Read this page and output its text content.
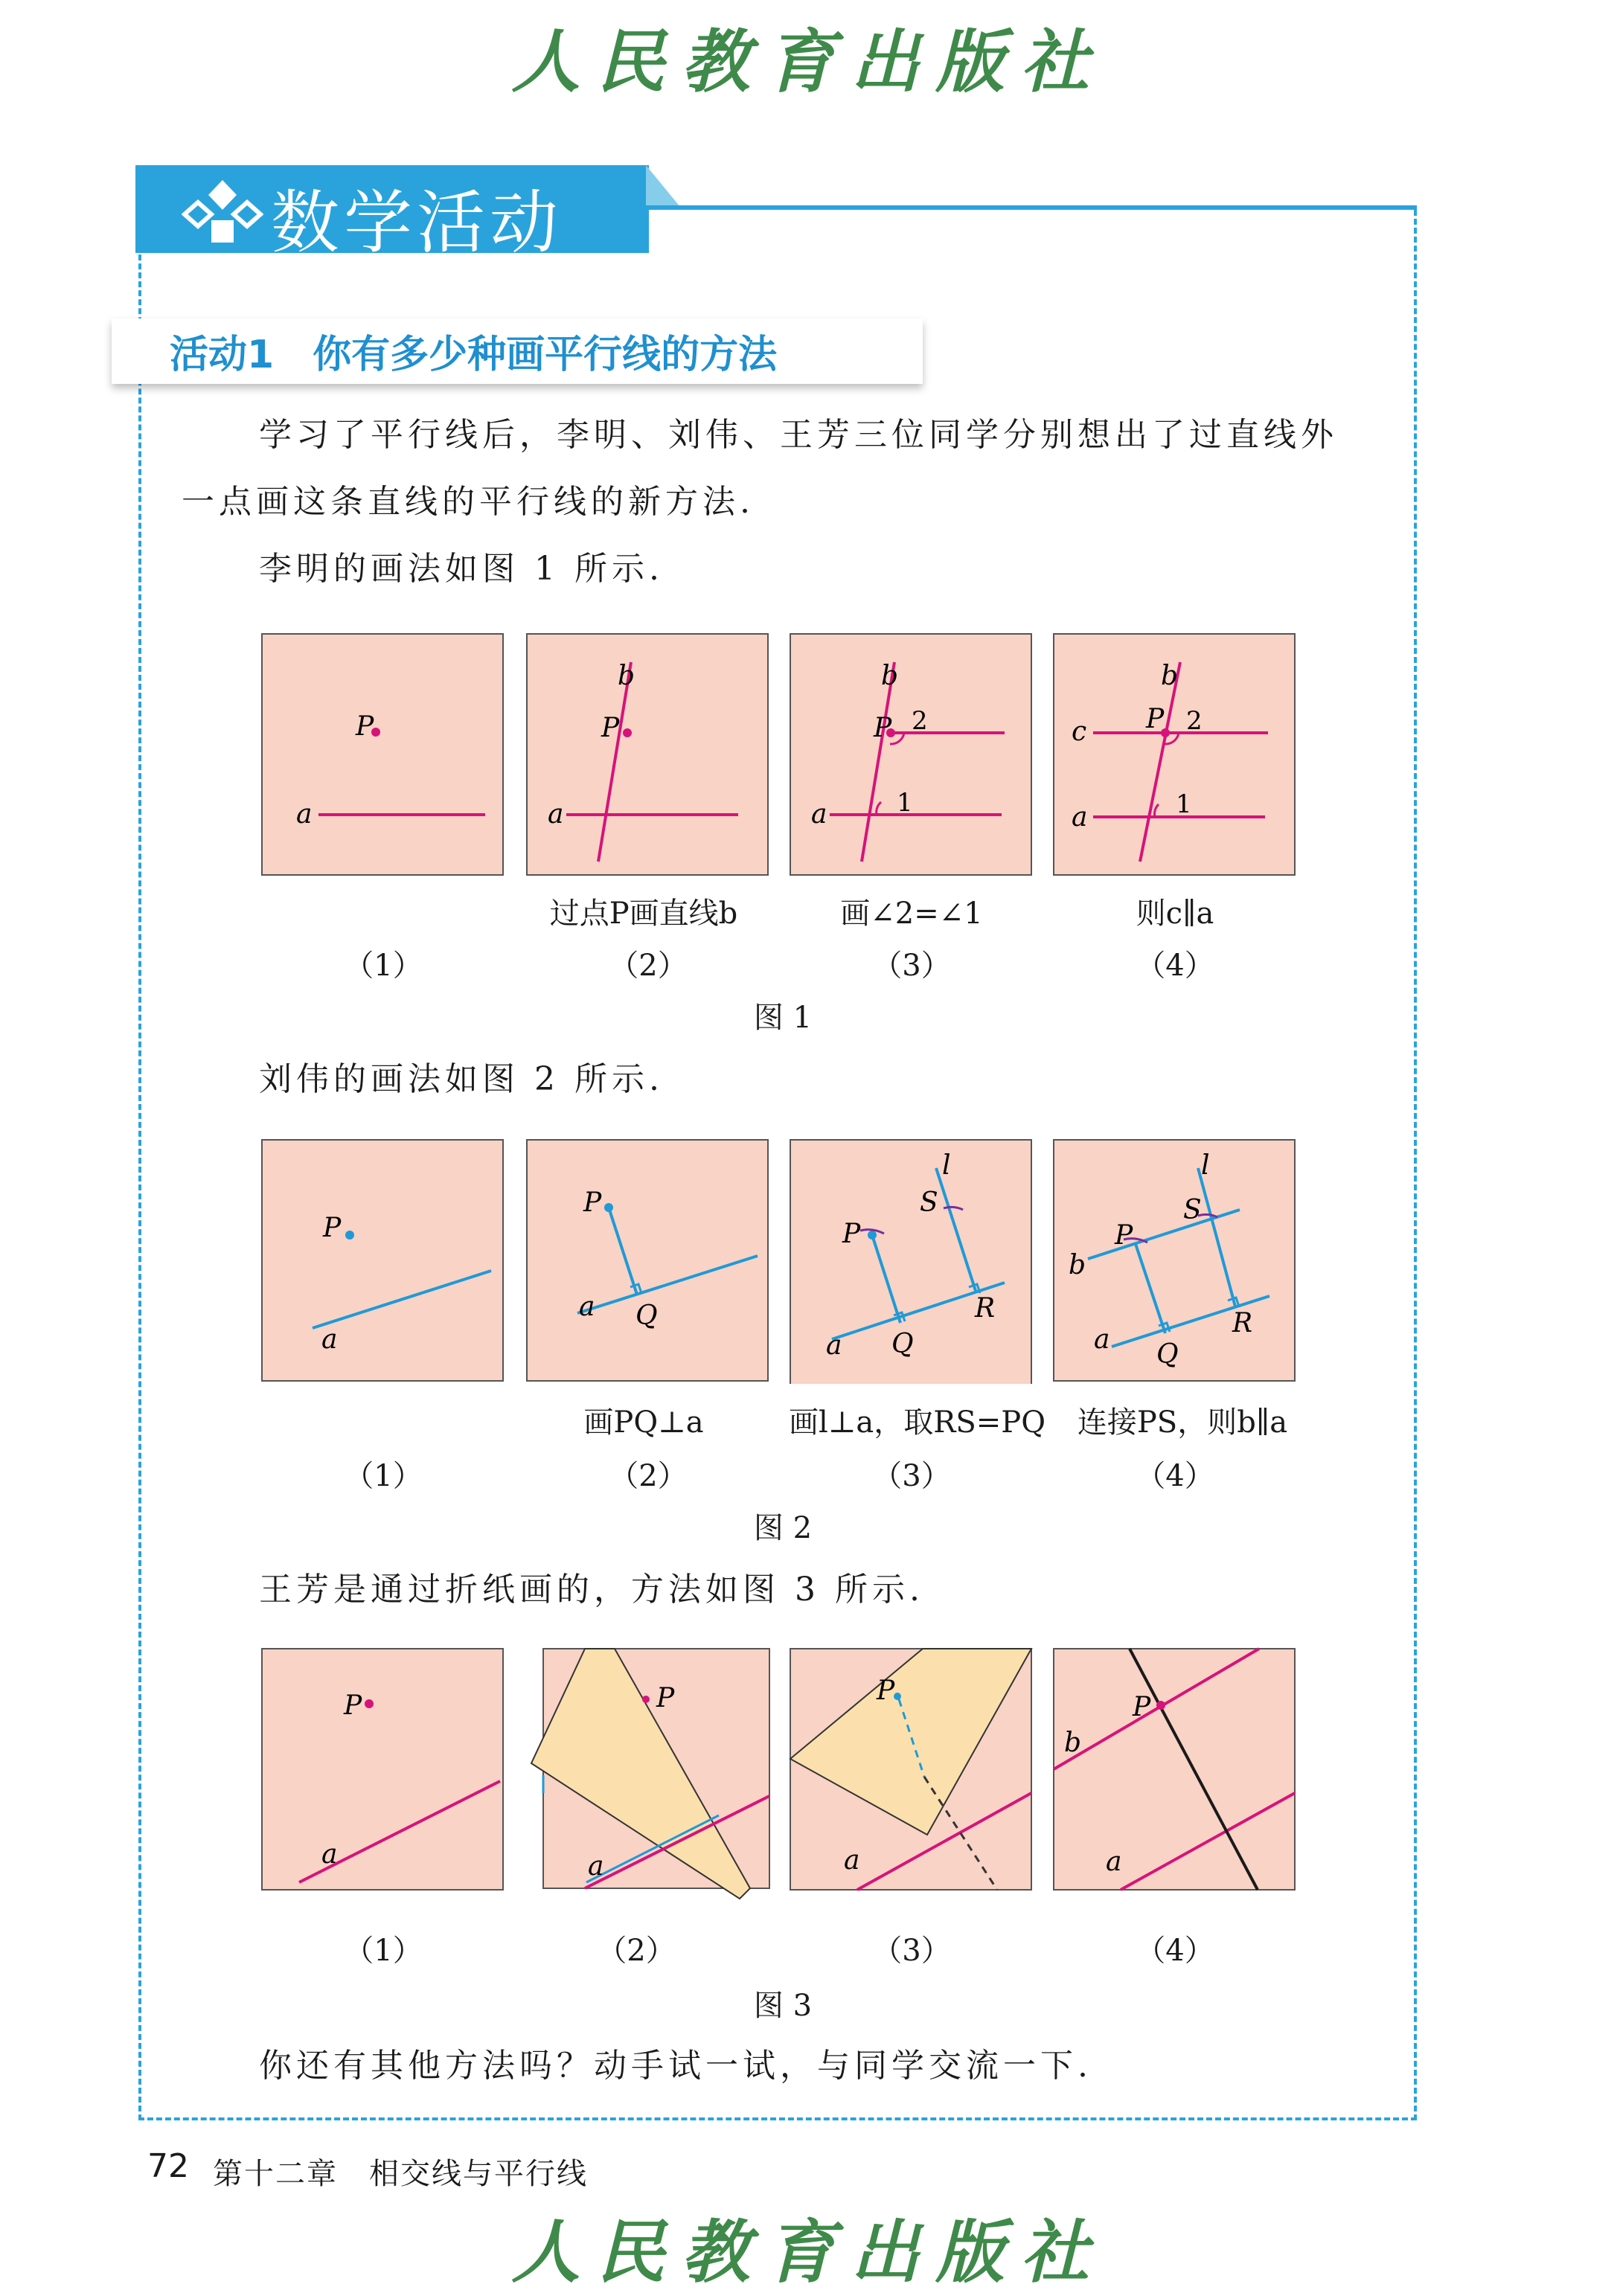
人民教育出版社
数学活动
活动1　你有多少种画平行线的方法
学习了平行线后，李明、刘伟、王芳三位同学分别想出了过直线外
一点画这条直线的平行线的新方法.
李明的画法如图 1 所示.
P
a
P
b
a
P
b
a
2
1
P
b
c
a
2
1
过点P画直线b	画∠2=∠1	则c∥a
（1）	（2）	（3）	（4）
图 1
刘伟的画法如图 2 所示.
P
a
P
a Q
P
l
S
R
Q
a
P
l
S
R
Q
a
b
画PQ⊥a	画l⊥a，取RS=PQ	连接PS，则b∥a
（1）	（2）	（3）	（4）
图 2
王芳是通过折纸画的，方法如图 3 所示.
P
a
P
a
P
a
P
b
a
（1）	（2）	（3）	（4）
图 3
你还有其他方法吗？动手试一试，与同学交流一下.
72 第十二章　相交线与平行线
人民教育出版社
